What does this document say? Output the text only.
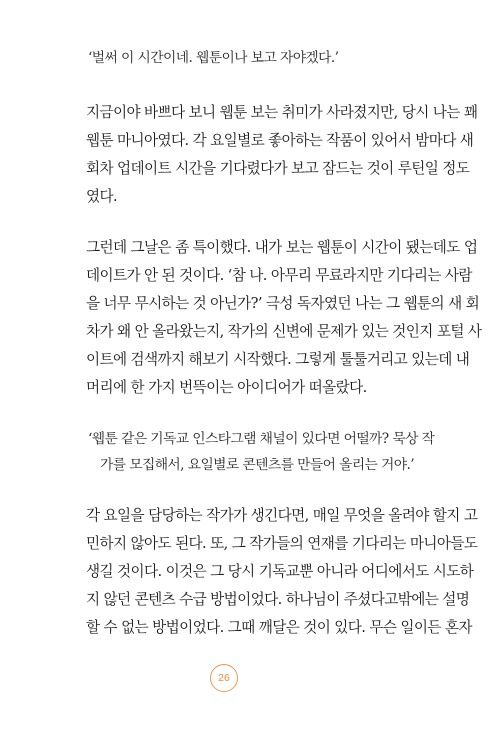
‘벌써 이 시간이네. 웹툰이나 보고 자야겠다.’
지금이야 바쁘다 보니 웹툰 보는 취미가 사라졌지만, 당시 나는 꽤
웹툰 마니아였다. 각 요일별로 좋아하는 작품이 있어서 밤마다 새
회차 업데이트 시간을 기다렸다가 보고 잠드는 것이 루틴일 정도
였다.
그런데 그날은 좀 특이했다. 내가 보는 웹툰이 시간이 됐는데도 업
데이트가 안 된 것이다. ‘참 나. 아무리 무료라지만 기다리는 사람
을 너무 무시하는 것 아닌가?’ 극성 독자였던 나는 그 웹툰의 새 회
차가 왜 안 올라왔는지, 작가의 신변에 문제가 있는 것인지 포털 사
이트에 검색까지 해보기 시작했다. 그렇게 툴툴거리고 있는데 내
머리에 한 가지 번뜩이는 아이디어가 떠올랐다.
‘웹툰 같은 기독교 인스타그램 채널이 있다면 어떨까? 묵상 작
가를 모집해서, 요일별로 콘텐츠를 만들어 올리는 거야.’
각 요일을 담당하는 작가가 생긴다면, 매일 무엇을 올려야 할지 고
민하지 않아도 된다. 또, 그 작가들의 연재를 기다리는 마니아들도
생길 것이다. 이것은 그 당시 기독교뿐 아니라 어디에서도 시도하
지 않던 콘텐츠 수급 방법이었다. 하나님이 주셨다고밖에는 설명
할 수 없는 방법이었다. 그때 깨달은 것이 있다. 무슨 일이든 혼자
26
